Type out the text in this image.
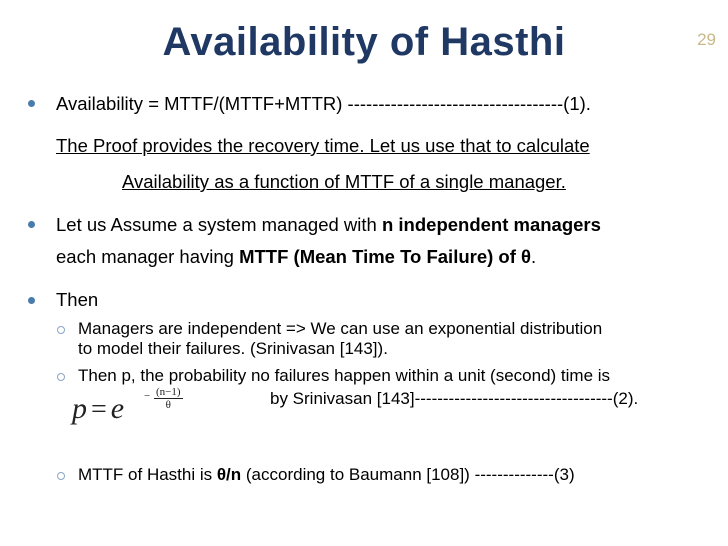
Availability of Hasthi	29
Availability = MTTF/(MTTF+MTTR) -----------------------------------(1).
The Proof provides the recovery time. Let us use that to calculate
Availability as a function of MTTF of a single manager.
Let us Assume a system managed with n independent managers
each manager having MTTF (Mean Time To Failure) of θ.
Then
Managers are independent => We can use an exponential distribution
to model their failures. (Srinivasan [143]).
Then p, the probability no failures happen within a unit (second) time is
by Srinivasan [143]-----------------------------------(2).
p = e − (n−1)
θ
MTTF of Hasthi is θ/n (according to Baumann [108]) --------------(3)
